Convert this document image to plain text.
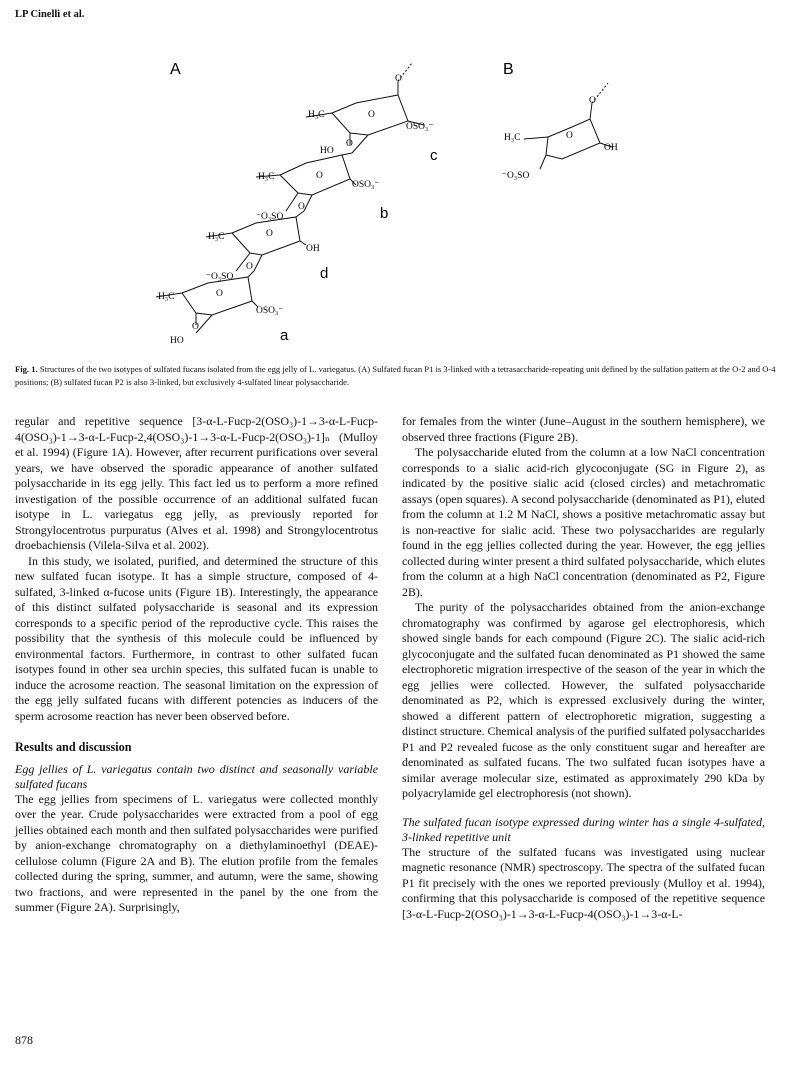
LP Cinelli et al.
A	B
c
b
d
a
O
O
H₃C
OSO₃⁻
HO
O
O
H₃C
OSO₃⁻
⁻O₃SO
O
O
H₃C
OH
⁻O₃SO
O
O
H₃C
OSO₃⁻
O
HO
O
O
H₃C
OH
⁻O₃SO
Fig. 1. Structures of the two isotypes of sulfated fucans isolated from the egg jelly of L. variegatus. (A) Sulfated fucan P1 is 3-linked with a tetrasaccharide-repeating unit defined by the sulfation pattern at the O-2 and O-4 positions; (B) sulfated fucan P2 is also 3-linked, but exclusively 4-sulfated linear polysaccharide.

regular and repetitive sequence [3-α-L-Fucp-2(OSO₃)-1→3-α-L-Fucp-4(OSO₃)-1→3-α-L-Fucp-2,4(OSO₃)-1→3-α-L-Fucp-2(OSO₃)-1]ₙ (Mulloy et al. 1994) (Figure 1A). However, after recurrent purifications over several years, we have observed the sporadic appearance of another sulfated polysaccharide in its egg jelly. This fact led us to perform a more refined investigation of the possible occurrence of an additional sulfated fucan isotype in L. variegatus egg jelly, as previously reported for Strongylocentrotus purpuratus (Alves et al. 1998) and Strongylocentrotus droebachiensis (Vilela-Silva et al. 2002).

In this study, we isolated, purified, and determined the structure of this new sulfated fucan isotype. It has a simple structure, composed of 4-sulfated, 3-linked α-fucose units (Figure 1B). Interestingly, the appearance of this distinct sulfated polysaccharide is seasonal and its expression corresponds to a specific period of the reproductive cycle. This raises the possibility that the synthesis of this molecule could be influenced by environmental factors. Furthermore, in contrast to other sulfated fucan isotypes found in other sea urchin species, this sulfated fucan is unable to induce the acrosome reaction. The seasonal limitation on the expression of the egg jelly sulfated fucans with different potencies as inducers of the sperm acrosome reaction has never been observed before.

Results and discussion
Egg jellies of L. variegatus contain two distinct and seasonally variable sulfated fucans

The egg jellies from specimens of L. variegatus were collected monthly over the year. Crude polysaccharides were extracted from a pool of egg jellies obtained each month and then sulfated polysaccharides were purified by anion-exchange chromatography on a diethylaminoethyl (DEAE)-cellulose column (Figure 2A and B). The elution profile from the females collected during the spring, summer, and autumn, were the same, showing two fractions, and were represented in the panel by the one from the summer (Figure 2A). Surprisingly,

for females from the winter (June–August in the southern hemisphere), we observed three fractions (Figure 2B).

The polysaccharide eluted from the column at a low NaCl concentration corresponds to a sialic acid-rich glycoconjugate (SG in Figure 2), as indicated by the positive sialic acid (closed circles) and metachromatic assays (open squares). A second polysaccharide (denominated as P1), eluted from the column at 1.2 M NaCl, shows a positive metachromatic assay but is non-reactive for sialic acid. These two polysaccharides are regularly found in the egg jellies collected during the year. However, the egg jellies collected during winter present a third sulfated polysaccharide, which elutes from the column at a high NaCl concentration (denominated as P2, Figure 2B).

The purity of the polysaccharides obtained from the anion-exchange chromatography was confirmed by agarose gel electrophoresis, which showed single bands for each compound (Figure 2C). The sialic acid-rich glycoconjugate and the sulfated fucan denominated as P1 showed the same electrophoretic migration irrespective of the season of the year in which the egg jellies were collected. However, the sulfated polysaccharide denominated as P2, which is expressed exclusively during the winter, showed a different pattern of electrophoretic migration, suggesting a distinct structure. Chemical analysis of the purified sulfated polysaccharides P1 and P2 revealed fucose as the only constituent sugar and hereafter are denominated as sulfated fucans. The two sulfated fucan isotypes have a similar average molecular size, estimated as approximately 290 kDa by polyacrylamide gel electrophoresis (not shown).

The sulfated fucan isotype expressed during winter has a single 4-sulfated, 3-linked repetitive unit

The structure of the sulfated fucans was investigated using nuclear magnetic resonance (NMR) spectroscopy. The spectra of the sulfated fucan P1 fit precisely with the ones we reported previously (Mulloy et al. 1994), confirming that this polysaccharide is composed of the repetitive sequence [3-α-L-Fucp-2(OSO₃)-1→3-α-L-Fucp-4(OSO₃)-1→3-α-L-

878
